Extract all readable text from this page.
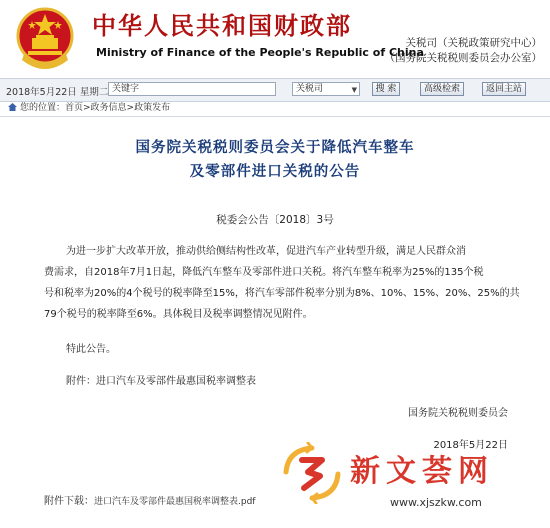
中华人民共和国财政部
Ministry of Finance of the People's Republic of China
关税司（关税政策研究中心）
（国务院关税税则委员会办公室）
2018年5月22日 星期二 关键字	关税司	▼	搜 索	高级检索	返回主站
您的位置：首页>政务信息>政策发布
国务院关税税则委员会关于降低汽车整车
及零部件进口关税的公告
税委会公告〔2018〕3号
为进一步扩大改革开放，推动供给侧结构性改革，促进汽车产业转型升级，满足人民群众消
费需求，自2018年7月1日起，降低汽车整车及零部件进口关税。将汽车整车税率为25%的135个税
号和税率为20%的4个税号的税率降至15%，将汽车零部件税率分别为8%、10%、15%、20%、25%的共
79个税号的税率降至6%。具体税目及税率调整情况见附件。
特此公告。
附件：进口汽车及零部件最惠国税率调整表
国务院关税税则委员会
2018年5月22日
附件下载：进口汽车及零部件最惠国税率调整表.pdf
新文荟网
www.xjszkw.com
